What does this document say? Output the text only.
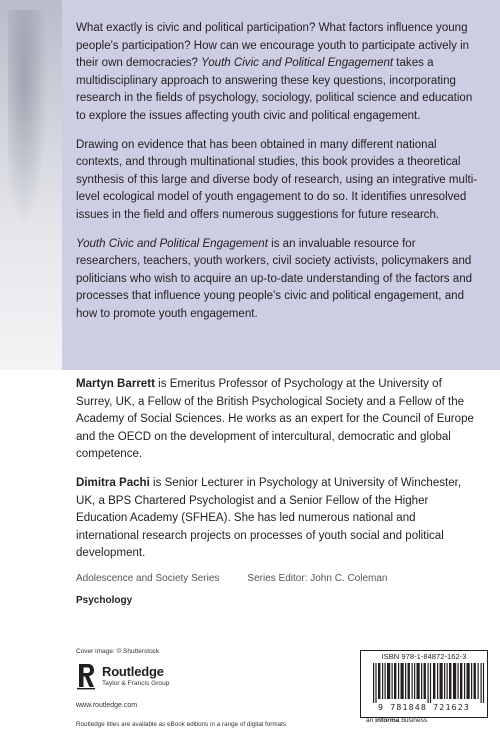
What exactly is civic and political participation? What factors influence young people's participation? How can we encourage youth to participate actively in their own democracies? Youth Civic and Political Engagement takes a multidisciplinary approach to answering these key questions, incorporating research in the fields of psychology, sociology, political science and education to explore the issues affecting youth civic and political engagement.

Drawing on evidence that has been obtained in many different national contexts, and through multinational studies, this book provides a theoretical synthesis of this large and diverse body of research, using an integrative multi-level ecological model of youth engagement to do so. It identifies unresolved issues in the field and offers numerous suggestions for future research.

Youth Civic and Political Engagement is an invaluable resource for researchers, teachers, youth workers, civil society activists, policymakers and politicians who wish to acquire an up-to-date understanding of the factors and processes that influence young people's civic and political engagement, and how to promote youth engagement.

Martyn Barrett is Emeritus Professor of Psychology at the University of Surrey, UK, a Fellow of the British Psychological Society and a Fellow of the Academy of Social Sciences. He works as an expert for the Council of Europe and the OECD on the development of intercultural, democratic and global competence.

Dimitra Pachi is Senior Lecturer in Psychology at University of Winchester, UK, a BPS Chartered Psychologist and a Senior Fellow of the Higher Education Academy (SFHEA). She has led numerous national and international research projects on processes of youth social and political development.

Adolescence and Society Series	Series Editor: John C. Coleman
Psychology
Cover image: © Shutterstock
Routledge
Taylor & Francis Group
www.routledge.com
Routledge titles are available as eBook editions in a range of digital formats
ISBN 978-1-84872-162-3
9 781848 721623
an informa business
